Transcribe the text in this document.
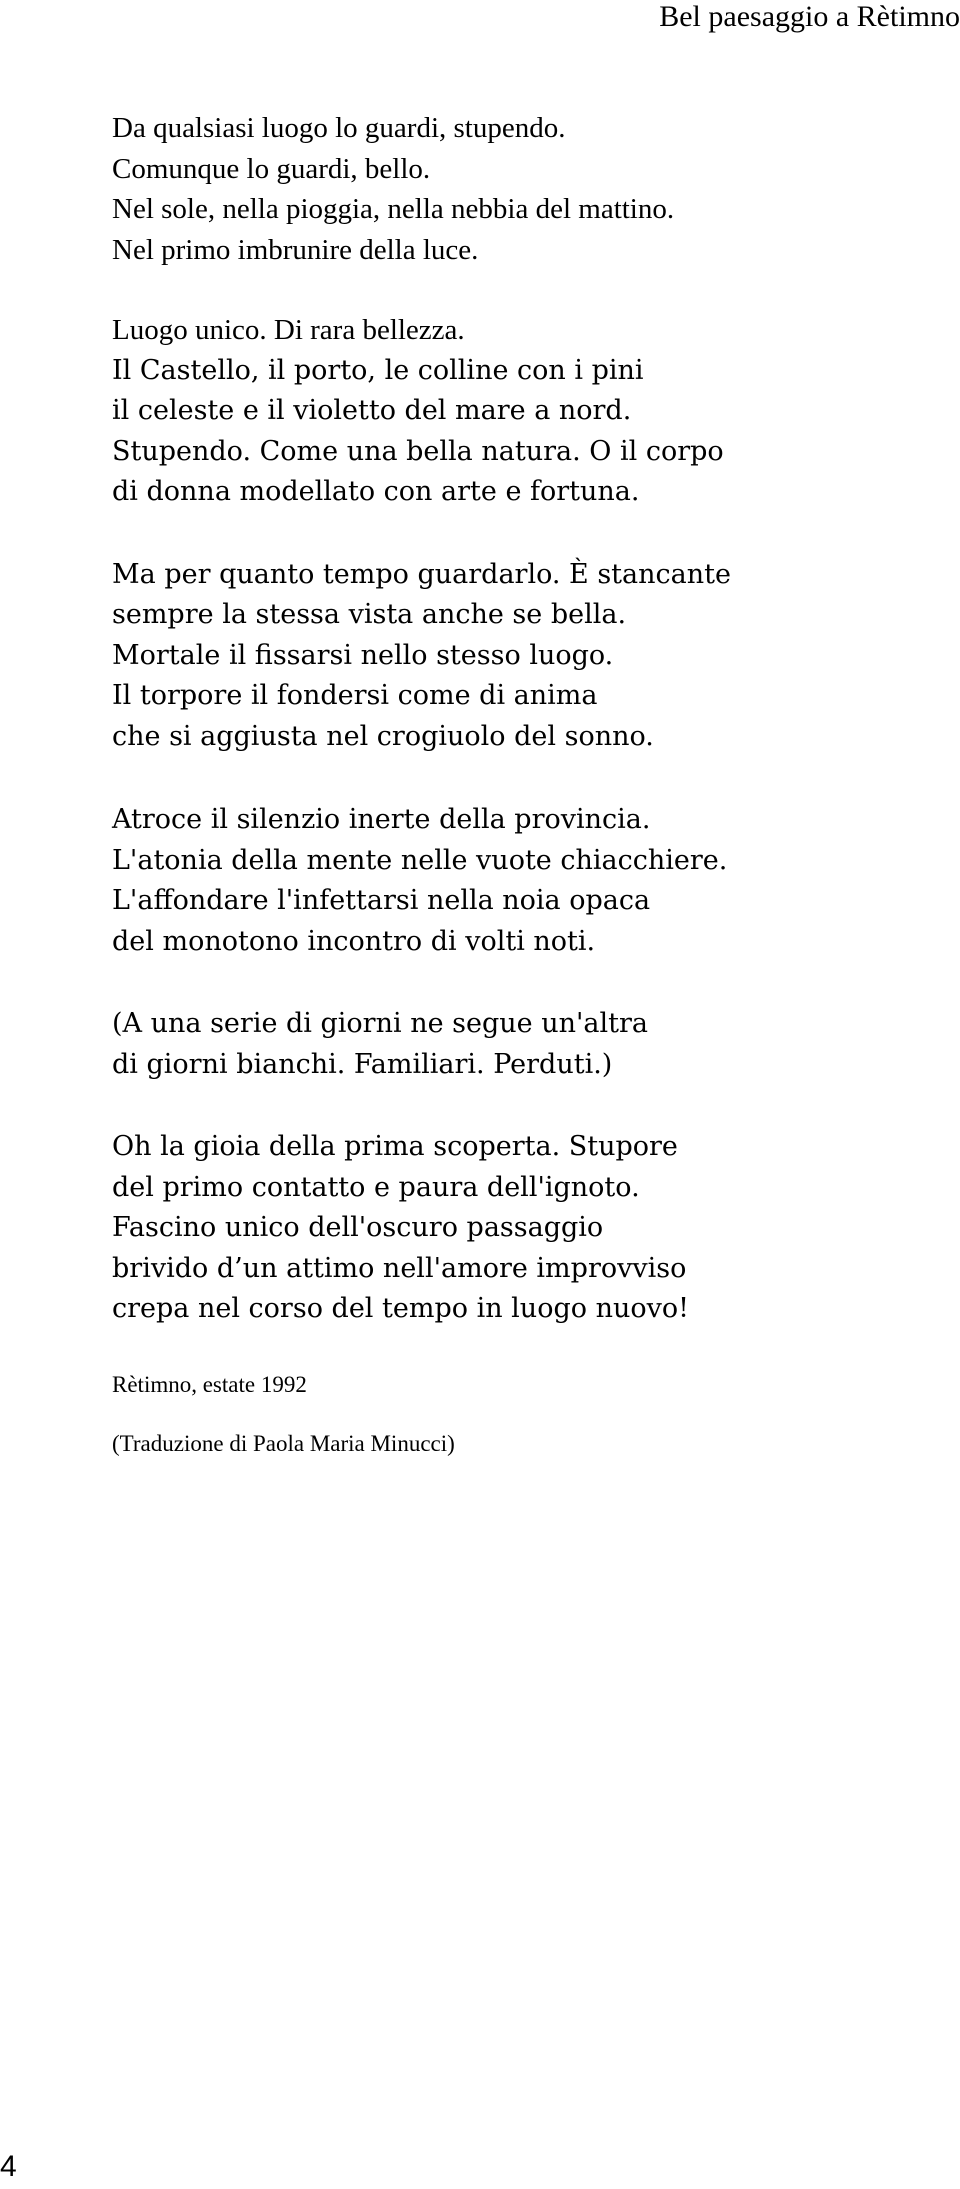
Bel paesaggio a Rètimno

Da qualsiasi luogo lo guardi, stupendo.
Comunque lo guardi, bello.
Nel sole, nella pioggia, nella nebbia del mattino.
Nel primo imbrunire della luce.

Luogo unico. Di rara bellezza.
Il Castello, il porto, le colline con i pini
il celeste e il violetto del mare a nord.
Stupendo. Come una bella natura. O il corpo
di donna modellato con arte e fortuna.

Ma per quanto tempo guardarlo. È stancante
sempre la stessa vista anche se bella.
Mortale il fissarsi nello stesso luogo.
Il torpore il fondersi come di anima
che si aggiusta nel crogiuolo del sonno.

Atroce il silenzio inerte della provincia.
L'atonia della mente nelle vuote chiacchiere.
L'affondare l'infettarsi nella noia opaca
del monotono incontro di volti noti.

(A una serie di giorni ne segue un'altra
di giorni bianchi. Familiari. Perduti.)

Oh la gioia della prima scoperta. Stupore
del primo contatto e paura dell'ignoto.
Fascino unico dell'oscuro passaggio
brivido d’un attimo nell'amore improvviso
crepa nel corso del tempo in luogo nuovo!

Rètimno, estate 1992
(Traduzione di Paola Maria Minucci)
4
